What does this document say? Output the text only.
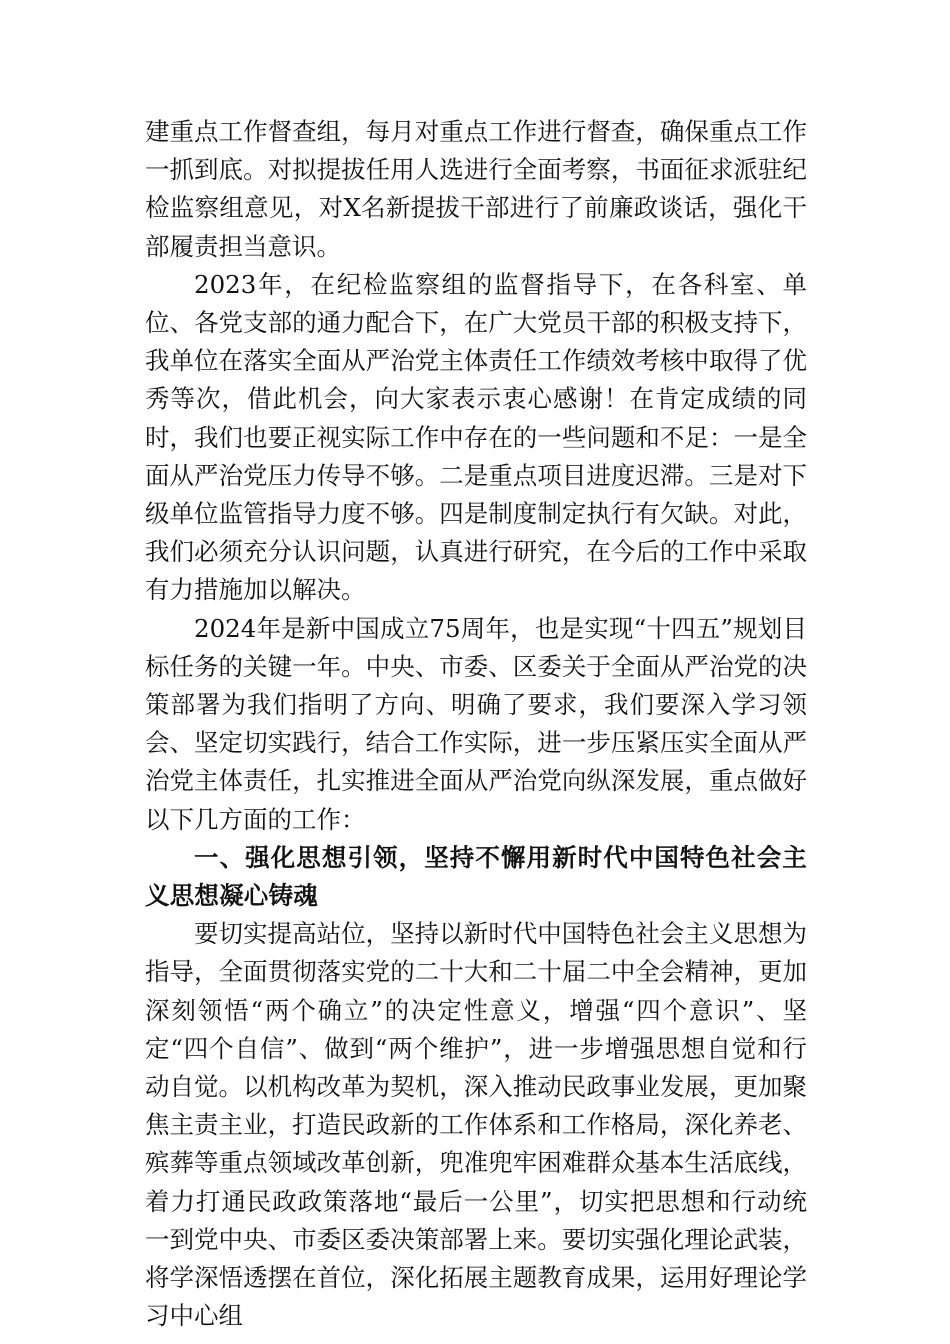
建重点工作督查组，每月对重点工作进行督查，确保重点工作一抓到底。对拟提拔任用人选进行全面考察，书面征求派驻纪检监察组意见，对X名新提拔干部进行了前廉政谈话，强化干部履责担当意识。

2023年，在纪检监察组的监督指导下，在各科室、单位、各党支部的通力配合下，在广大党员干部的积极支持下，我单位在落实全面从严治党主体责任工作绩效考核中取得了优秀等次，借此机会，向大家表示衷心感谢！在肯定成绩的同时，我们也要正视实际工作中存在的一些问题和不足：一是全面从严治党压力传导不够。二是重点项目进度迟滞。三是对下级单位监管指导力度不够。四是制度制定执行有欠缺。对此，我们必须充分认识问题，认真进行研究，在今后的工作中采取有力措施加以解决。

2024年是新中国成立75周年，也是实现“十四五”规划目标任务的关键一年。中央、市委、区委关于全面从严治党的决策部署为我们指明了方向、明确了要求，我们要深入学习领会、坚定切实践行，结合工作实际，进一步压紧压实全面从严治党主体责任，扎实推进全面从严治党向纵深发展，重点做好以下几方面的工作：

一、强化思想引领，坚持不懈用新时代中国特色社会主义思想凝心铸魂

要切实提高站位，坚持以新时代中国特色社会主义思想为指导，全面贯彻落实党的二十大和二十届二中全会精神，更加深刻领悟“两个确立”的决定性意义，增强“四个意识”、坚定“四个自信”、做到“两个维护”，进一步增强思想自觉和行动自觉。以机构改革为契机，深入推动民政事业发展，更加聚焦主责主业，打造民政新的工作体系和工作格局，深化养老、殡葬等重点领域改革创新，兜准兜牢困难群众基本生活底线，着力打通民政政策落地“最后一公里”，切实把思想和行动统一到党中央、市委区委决策部署上来。要切实强化理论武装，将学深悟透摆在首位，深化拓展主题教育成果，运用好理论学习中心组
